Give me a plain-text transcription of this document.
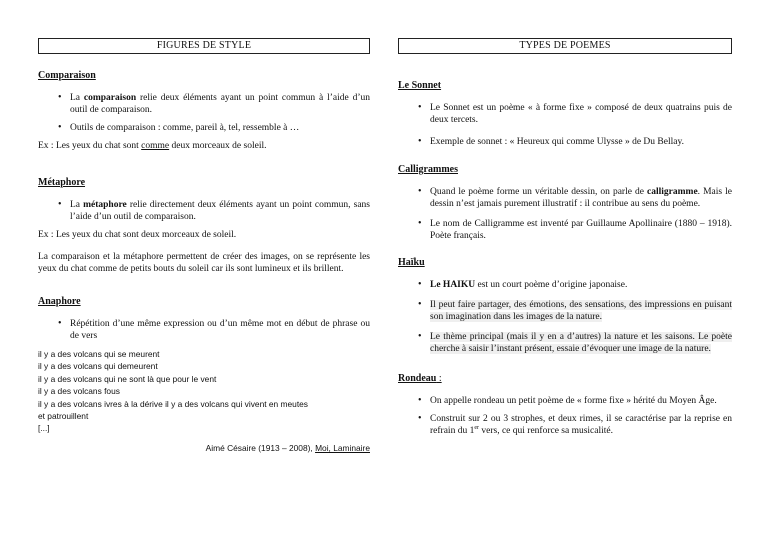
FIGURES DE STYLE
Comparaison
• La comparaison relie deux éléments ayant un point commun à l’aide d’un outil de comparaison.
• Outils de comparaison : comme, pareil à, tel, ressemble à …
Ex : Les yeux du chat sont comme deux morceaux de soleil.
Métaphore
• La métaphore relie directement deux éléments ayant un point commun, sans l’aide d’un outil de comparaison.
Ex : Les yeux du chat sont deux morceaux de soleil.
La comparaison et la métaphore permettent de créer des images, on se représente les yeux du chat comme de petits bouts du soleil car ils sont lumineux et ils brillent.
Anaphore
• Répétition d’une même expression ou d’un même mot en début de phrase ou de vers
il y a des volcans qui se meurent
il y a des volcans qui demeurent
il y a des volcans qui ne sont là que pour le vent
il y a des volcans fous
il y a des volcans ivres à la dérive il y a des volcans qui vivent en meutes
et patrouillent
[...]
Aimé Césaire (1913 – 2008), Moi, Laminaire
TYPES DE POEMES
Le Sonnet
• Le Sonnet est un poème « à forme fixe » composé de deux quatrains puis de deux tercets.
• Exemple de sonnet : « Heureux qui comme Ulysse » de Du Bellay.
Calligrammes
• Quand le poème forme un véritable dessin, on parle de calligramme. Mais le dessin n’est jamais purement illustratif : il contribue au sens du poème.
• Le nom de Calligramme est inventé par Guillaume Apollinaire (1880 – 1918). Poète français.
Haïku
• Le HAIKU est un court poème d’origine japonaise.
• Il peut faire partager, des émotions, des sensations, des impressions en puisant son imagination dans les images de la nature.
• Le thème principal (mais il y en a d’autres) la nature et les saisons. Le poète cherche à saisir l’instant présent, essaie d’évoquer une image de la nature.
Rondeau :
• On appelle rondeau un petit poème de « forme fixe » hérité du Moyen Âge.
• Construit sur 2 ou 3 strophes, et deux rimes, il se caractérise par la reprise en refrain du 1er vers, ce qui renforce sa musicalité.
